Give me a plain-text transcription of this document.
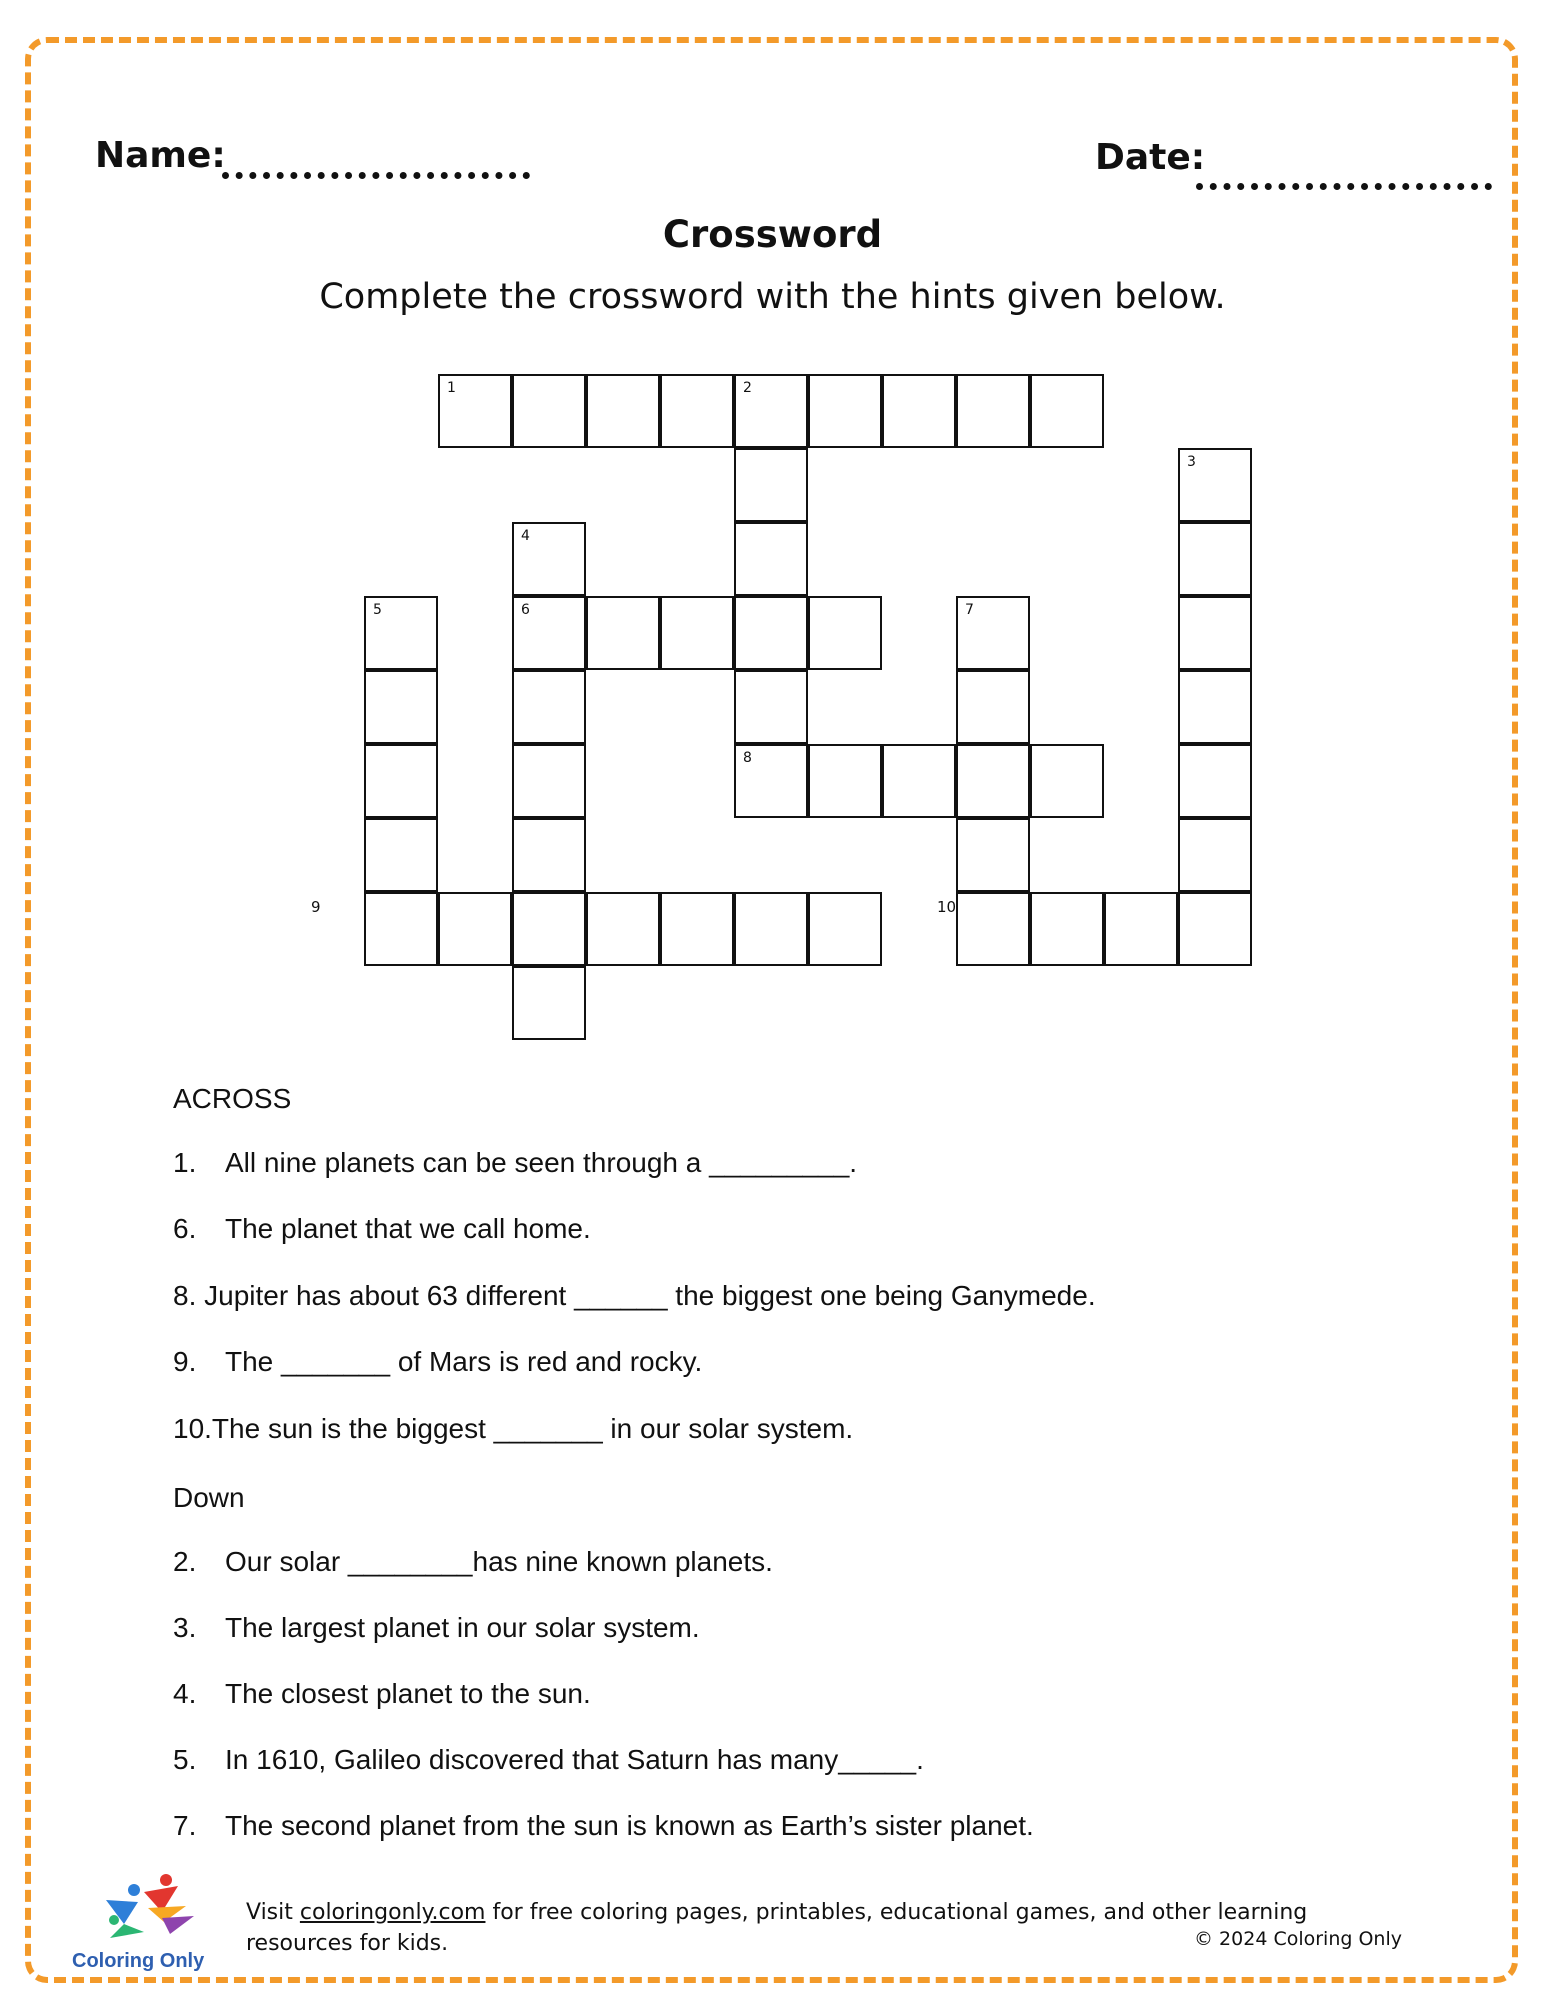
Name:	Date:
Crossword
Complete the crossword with the hints given below.
1	2
3
4
5	6	7
8
9	10
ACROSS
1. All nine planets can be seen through a _________.
6. The planet that we call home.
8. Jupiter has about 63 different ______ the biggest one being Ganymede.
9. The _______ of Mars is red and rocky.
10.The sun is the biggest _______ in our solar system.
Down
2. Our solar ________has nine known planets.
3. The largest planet in our solar system.
4. The closest planet to the sun.
5. In 1610, Galileo discovered that Saturn has many_____.
7. The second planet from the sun is known as Earth’s sister planet.
Coloring Only
Visit coloringonly.com for free coloring pages, printables, educational games, and other learning resources for kids.	© 2024 Coloring Only
